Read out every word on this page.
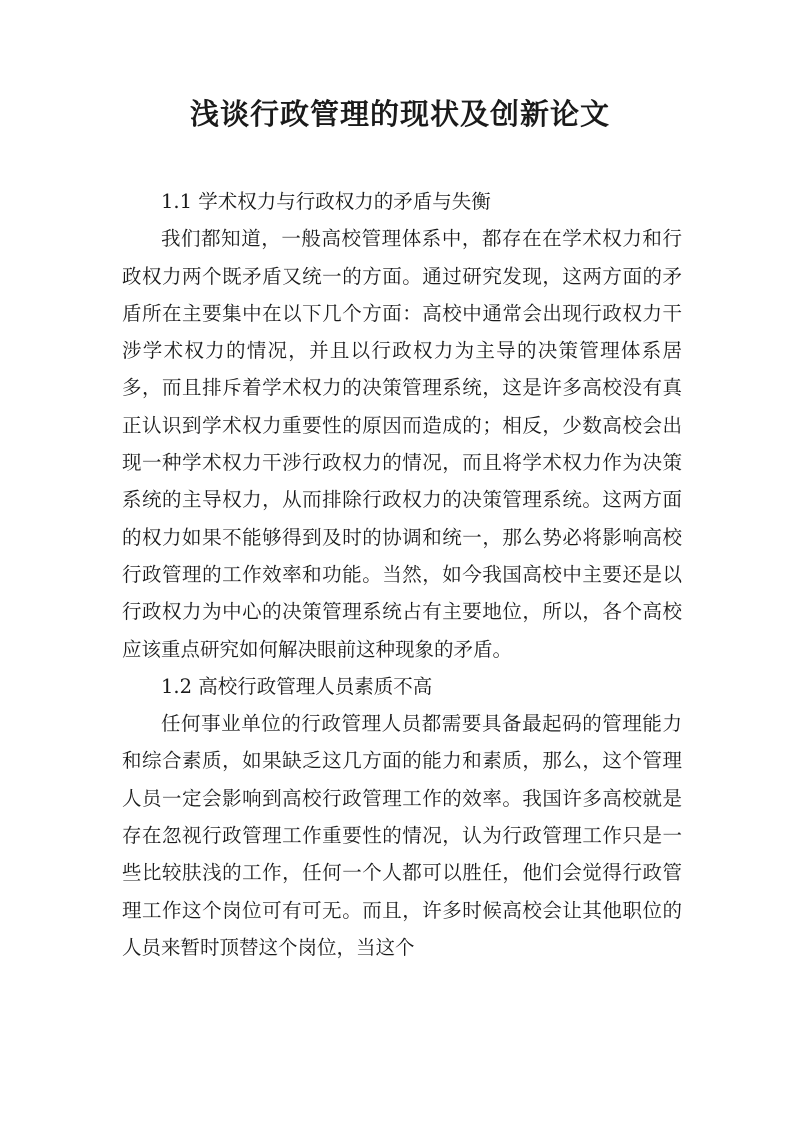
浅谈行政管理的现状及创新论文

1.1 学术权力与行政权力的矛盾与失衡

我们都知道，一般高校管理体系中，都存在在学术权力和行政权力两个既矛盾又统一的方面。通过研究发现，这两方面的矛盾所在主要集中在以下几个方面：高校中通常会出现行政权力干涉学术权力的情况，并且以行政权力为主导的决策管理体系居多，而且排斥着学术权力的决策管理系统，这是许多高校没有真正认识到学术权力重要性的原因而造成的；相反，少数高校会出现一种学术权力干涉行政权力的情况，而且将学术权力作为决策系统的主导权力，从而排除行政权力的决策管理系统。这两方面的权力如果不能够得到及时的协调和统一，那么势必将影响高校行政管理的工作效率和功能。当然，如今我国高校中主要还是以行政权力为中心的决策管理系统占有主要地位，所以，各个高校应该重点研究如何解决眼前这种现象的矛盾。

1.2 高校行政管理人员素质不高

任何事业单位的行政管理人员都需要具备最起码的管理能力和综合素质，如果缺乏这几方面的能力和素质，那么，这个管理人员一定会影响到高校行政管理工作的效率。我国许多高校就是存在忽视行政管理工作重要性的情况，认为行政管理工作只是一些比较肤浅的工作，任何一个人都可以胜任，他们会觉得行政管理工作这个岗位可有可无。而且，许多时候高校会让其他职位的人员来暂时顶替这个岗位，当这个
